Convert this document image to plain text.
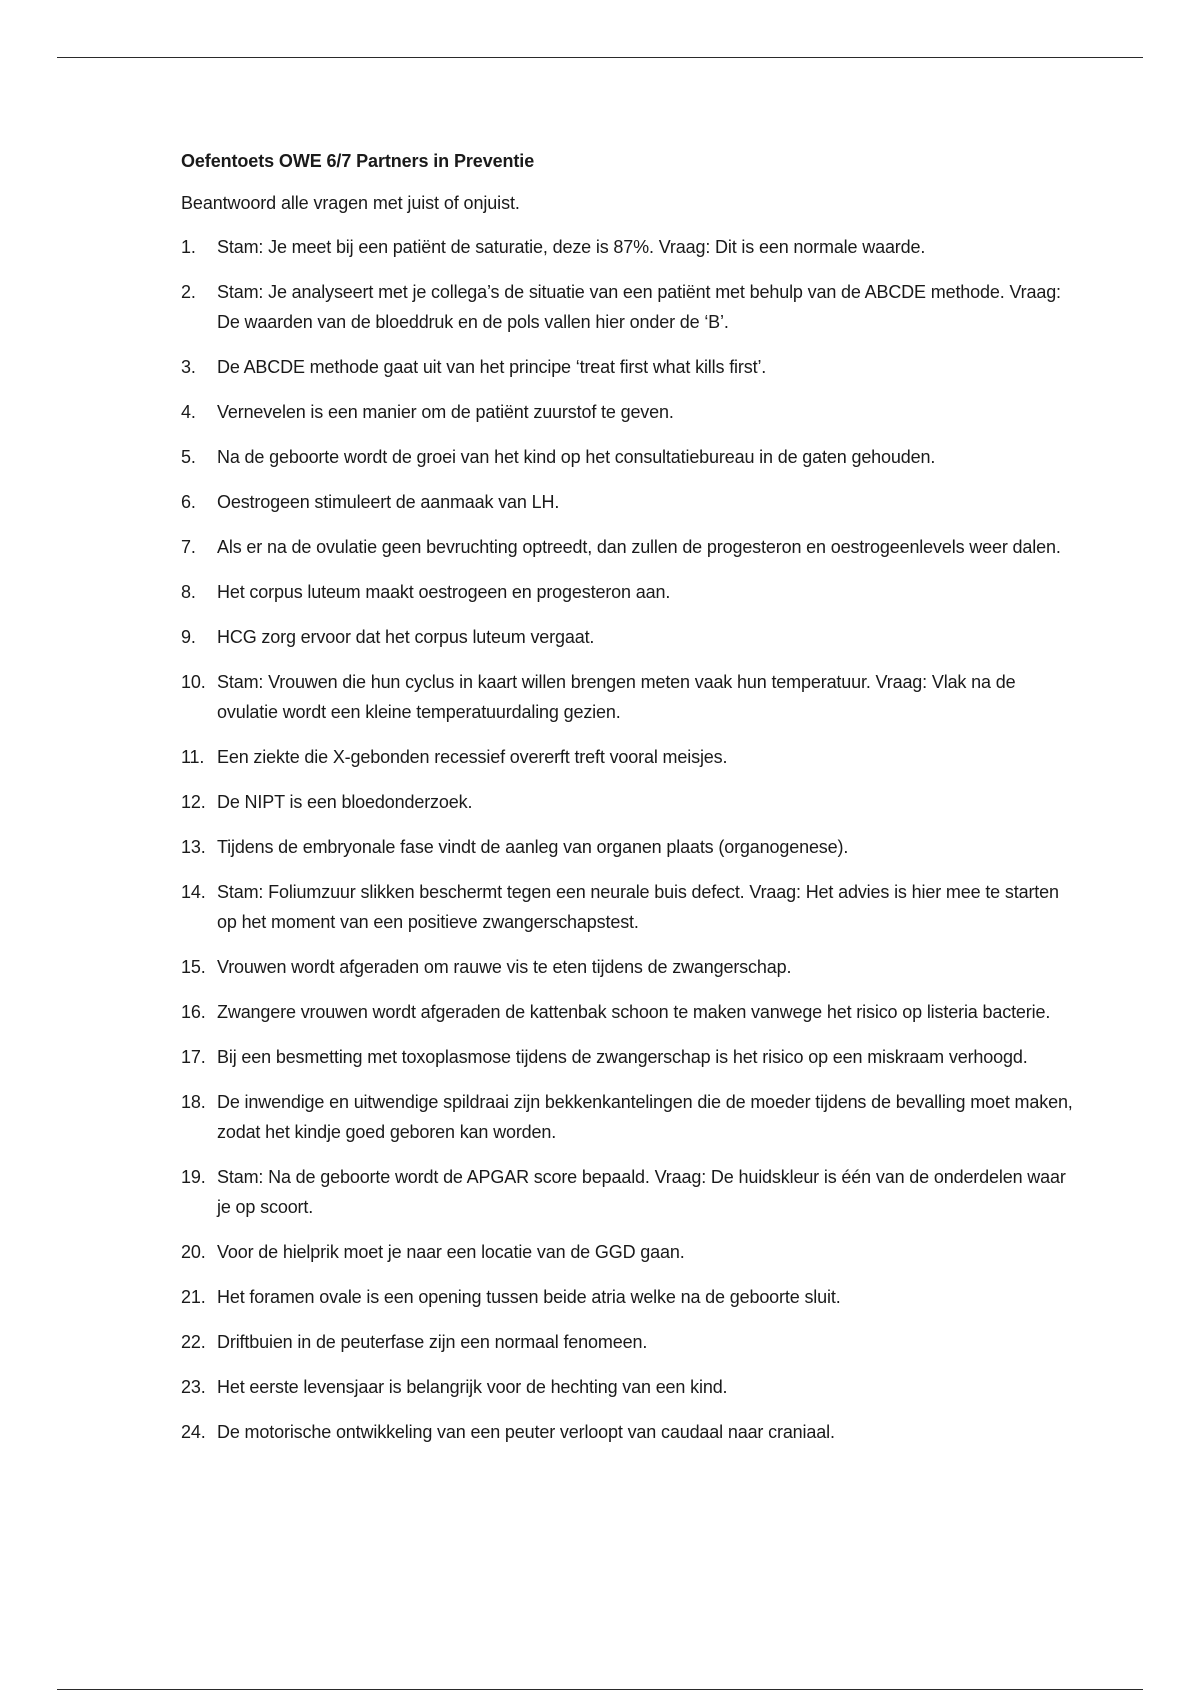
Oefentoets OWE 6/7 Partners in Preventie

Beantwoord alle vragen met juist of onjuist.

1.	Stam: Je meet bij een patiënt de saturatie, deze is 87%. Vraag: Dit is een normale waarde.
2.	Stam: Je analyseert met je collega’s de situatie van een patiënt met behulp van de ABCDE methode. Vraag: De waarden van de bloeddruk en de pols vallen hier onder de ‘B’.
3.	De ABCDE methode gaat uit van het principe ‘treat first what kills first’.
4.	Vernevelen is een manier om de patiënt zuurstof te geven.
5.	Na de geboorte wordt de groei van het kind op het consultatiebureau in de gaten gehouden.
6.	Oestrogeen stimuleert de aanmaak van LH.
7.	Als er na de ovulatie geen bevruchting optreedt, dan zullen de progesteron en oestrogeenlevels weer dalen.
8.	Het corpus luteum maakt oestrogeen en progesteron aan.
9.	HCG zorg ervoor dat het corpus luteum vergaat.
10. Stam: Vrouwen die hun cyclus in kaart willen brengen meten vaak hun temperatuur. Vraag: Vlak na de ovulatie wordt een kleine temperatuurdaling gezien.
11. Een ziekte die X-gebonden recessief overerft treft vooral meisjes.
12. De NIPT is een bloedonderzoek.
13. Tijdens de embryonale fase vindt de aanleg van organen plaats (organogenese).
14. Stam: Foliumzuur slikken beschermt tegen een neurale buis defect. Vraag: Het advies is hier mee te starten op het moment van een positieve zwangerschapstest.
15. Vrouwen wordt afgeraden om rauwe vis te eten tijdens de zwangerschap.
16. Zwangere vrouwen wordt afgeraden de kattenbak schoon te maken vanwege het risico op listeria bacterie.
17. Bij een besmetting met toxoplasmose tijdens de zwangerschap is het risico op een miskraam verhoogd.
18. De inwendige en uitwendige spildraai zijn bekkenkantelingen die de moeder tijdens de bevalling moet maken, zodat het kindje goed geboren kan worden.
19. Stam: Na de geboorte wordt de APGAR score bepaald. Vraag: De huidskleur is één van de onderdelen waar je op scoort.
20. Voor de hielprik moet je naar een locatie van de GGD gaan.
21. Het foramen ovale is een opening tussen beide atria welke na de geboorte sluit.
22. Driftbuien in de peuterfase zijn een normaal fenomeen.
23. Het eerste levensjaar is belangrijk voor de hechting van een kind.
24. De motorische ontwikkeling van een peuter verloopt van caudaal naar craniaal.
